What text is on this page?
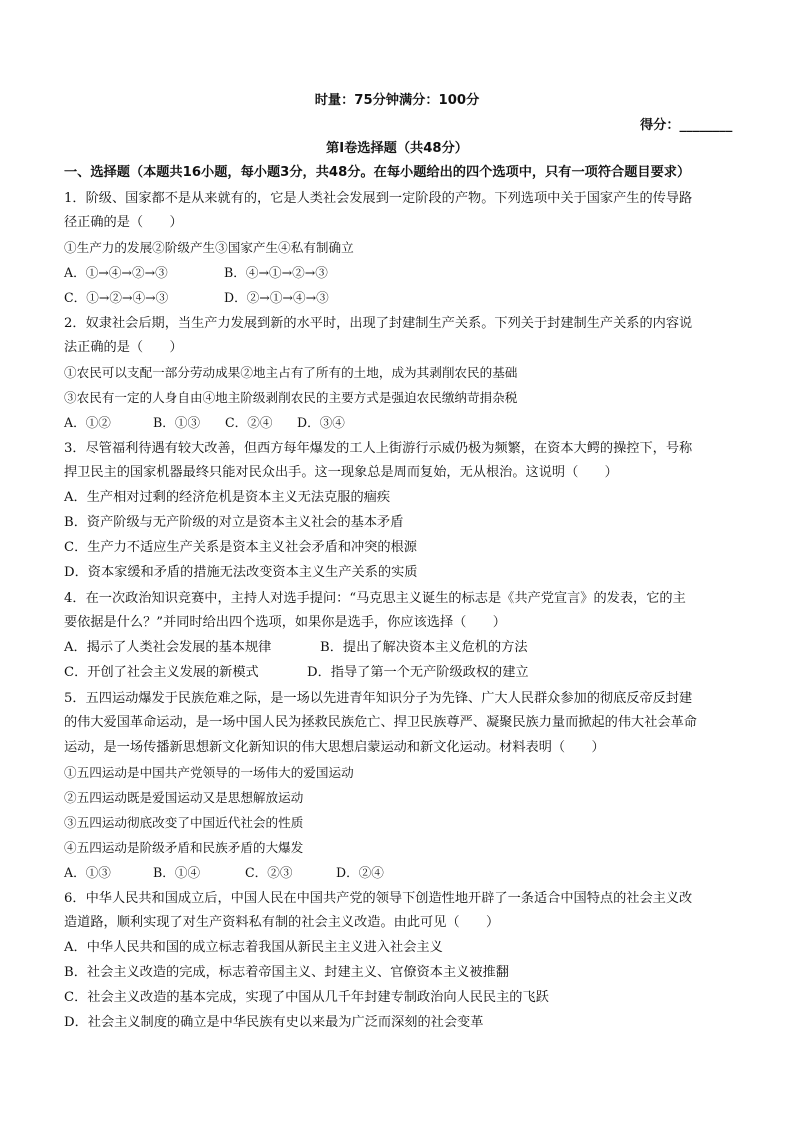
时量：75分钟满分：100分
得分：________
第Ⅰ卷选择题（共48分）
一、选择题（本题共16小题，每小题3分，共48分。在每小题给出的四个选项中，只有一项符合题目要求）
1．阶级、国家都不是从来就有的，它是人类社会发展到一定阶段的产物。下列选项中关于国家产生的传导路
径正确的是（　　）
①生产力的发展②阶级产生③国家产生④私有制确立
A．①→④→②→③	B．④→①→②→③
C．①→②→④→③	D．②→①→④→③
2．奴隶社会后期，当生产力发展到新的水平时，出现了封建制生产关系。下列关于封建制生产关系的内容说
法正确的是（　　）
①农民可以支配一部分劳动成果②地主占有了所有的土地，成为其剥削农民的基础
③农民有一定的人身自由④地主阶级剥削农民的主要方式是强迫农民缴纳苛捐杂税
A．①②	B．①③ C．②④ D．③④
3．尽管福利待遇有较大改善，但西方每年爆发的工人上街游行示威仍极为频繁，在资本大鳄的操控下，号称
捍卫民主的国家机器最终只能对民众出手。这一现象总是周而复始，无从根治。这说明（　　）
A．生产相对过剩的经济危机是资本主义无法克服的痼疾
B．资产阶级与无产阶级的对立是资本主义社会的基本矛盾
C．生产力不适应生产关系是资本主义社会矛盾和冲突的根源
D．资本家缓和矛盾的措施无法改变资本主义生产关系的实质
4．在一次政治知识竞赛中，主持人对选手提问：“马克思主义诞生的标志是《共产党宣言》的发表，它的主
要依据是什么？”并同时给出四个选项，如果你是选手，你应该选择（　　）
A．揭示了人类社会发展的基本规律	B．提出了解决资本主义危机的方法
C．开创了社会主义发展的新模式	D．指导了第一个无产阶级政权的建立
5．五四运动爆发于民族危难之际，是一场以先进青年知识分子为先锋、广大人民群众参加的彻底反帝反封建
的伟大爱国革命运动，是一场中国人民为拯救民族危亡、捍卫民族尊严、凝聚民族力量而掀起的伟大社会革命
运动，是一场传播新思想新文化新知识的伟大思想启蒙运动和新文化运动。材料表明（　　）
①五四运动是中国共产党领导的一场伟大的爱国运动
②五四运动既是爱国运动又是思想解放运动
③五四运动彻底改变了中国近代社会的性质
④五四运动是阶级矛盾和民族矛盾的大爆发
A．①③	B．①④	C．②③	D．②④
6．中华人民共和国成立后，中国人民在中国共产党的领导下创造性地开辟了一条适合中国特点的社会主义改
造道路，顺利实现了对生产资料私有制的社会主义改造。由此可见（　　）
A．中华人民共和国的成立标志着我国从新民主主义进入社会主义
B．社会主义改造的完成，标志着帝国主义、封建主义、官僚资本主义被推翻
C．社会主义改造的基本完成，实现了中国从几千年封建专制政治向人民民主的飞跃
D．社会主义制度的确立是中华民族有史以来最为广泛而深刻的社会变革
